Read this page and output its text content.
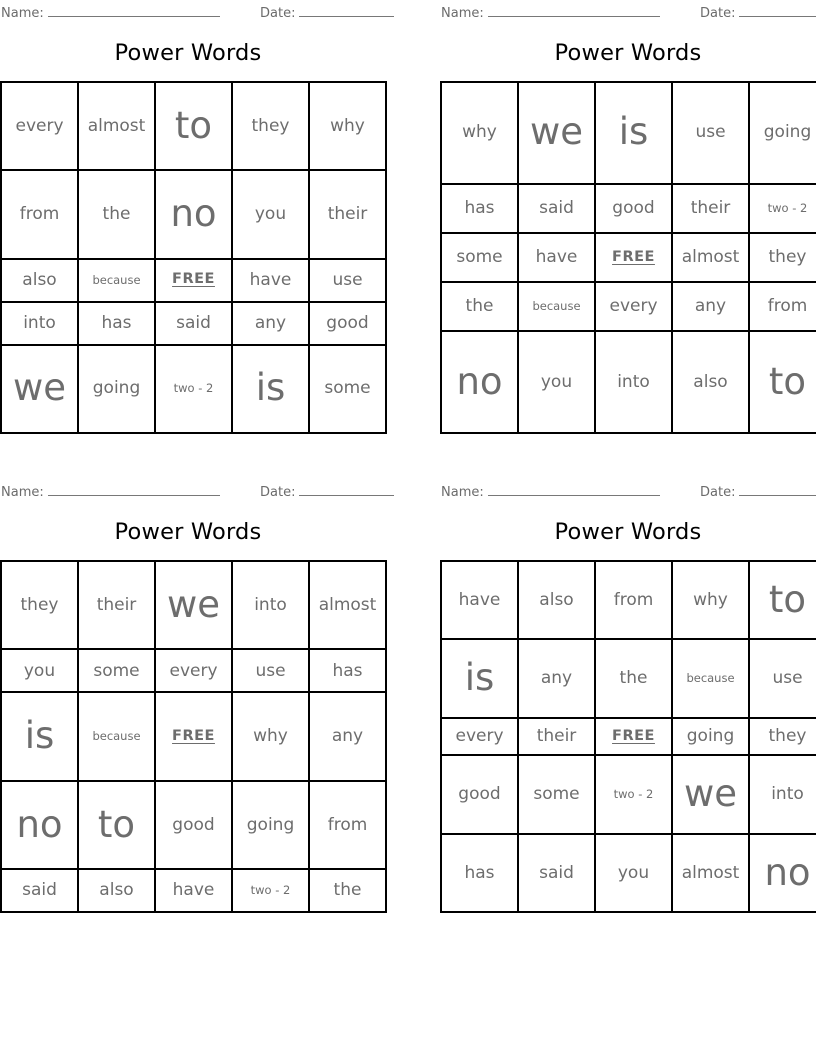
Name:	Date:
Power Words
every	almost	to	they	why
from	the	no	you	their
also	because	FREE	have	use
into	has	said	any	good
we	going	two - 2	is	some
Name:	Date:
Power Words
why	we	is	use	going
has	said	good	their	two - 2
some	have	FREE	almost	they
the	because	every	any	from
no	you	into	also	to
Name:	Date:
Power Words
they	their	we	into	almost
you	some	every	use	has
is	because	FREE	why	any
no	to	good	going	from
said	also	have	two - 2	the
Name:	Date:
Power Words
have	also	from	why	to
is	any	the	because	use
every	their	FREE	going	they
good	some	two - 2	we	into
has	said	you	almost	no
